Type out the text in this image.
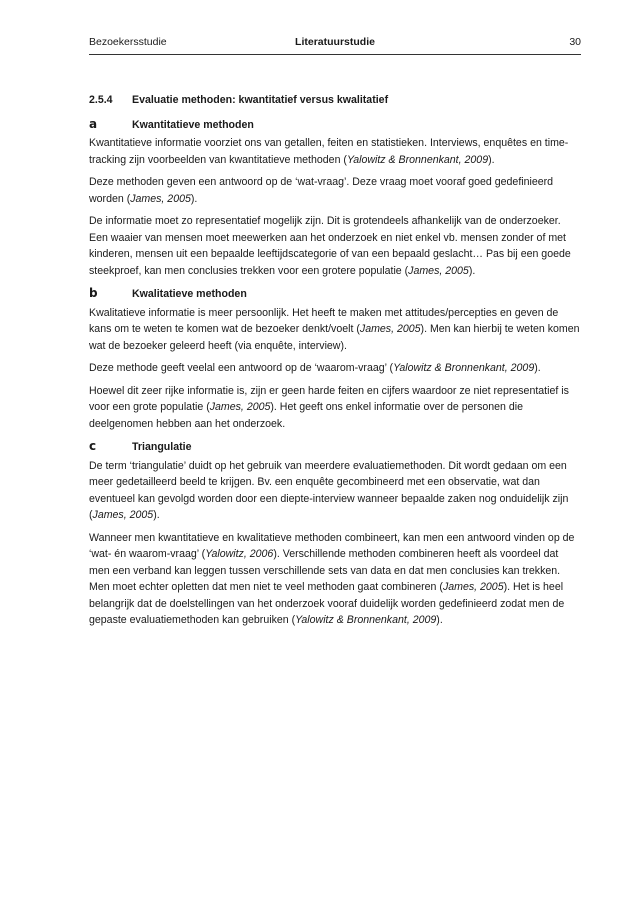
Bezoekersstudie	Literatuurstudie	30
2.5.4 Evaluatie methoden: kwantitatief versus kwalitatief
a	Kwantitatieve methoden

Kwantitatieve informatie voorziet ons van getallen, feiten en statistieken. Interviews, enquêtes en time-tracking zijn voorbeelden van kwantitatieve methoden (Yalowitz & Bronnenkant, 2009).

Deze methoden geven een antwoord op de ‘wat-vraag’. Deze vraag moet vooraf goed gedefinieerd worden (James, 2005).

De informatie moet zo representatief mogelijk zijn. Dit is grotendeels afhankelijk van de onderzoeker. Een waaier van mensen moet meewerken aan het onderzoek en niet enkel vb. mensen zonder of met kinderen, mensen uit een bepaalde leeftijdscategorie of van een bepaald geslacht… Pas bij een goede steekproef, kan men conclusies trekken voor een grotere populatie (James, 2005).

b	Kwalitatieve methoden

Kwalitatieve informatie is meer persoonlijk. Het heeft te maken met attitudes/percepties en geven de kans om te weten te komen wat de bezoeker denkt/voelt (James, 2005). Men kan hierbij te weten komen wat de bezoeker geleerd heeft (via enquête, interview).

Deze methode geeft veelal een antwoord op de ‘waarom-vraag’ (Yalowitz & Bronnenkant, 2009).

Hoewel dit zeer rijke informatie is, zijn er geen harde feiten en cijfers waardoor ze niet representatief is voor een grote populatie (James, 2005). Het geeft ons enkel informatie over de personen die deelgenomen hebben aan het onderzoek.

c	Triangulatie

De term ‘triangulatie’ duidt op het gebruik van meerdere evaluatiemethoden. Dit wordt gedaan om een meer gedetailleerd beeld te krijgen. Bv. een enquête gecombineerd met een observatie, wat dan eventueel kan gevolgd worden door een diepte-interview wanneer bepaalde zaken nog onduidelijk zijn (James, 2005).

Wanneer men kwantitatieve en kwalitatieve methoden combineert, kan men een antwoord vinden op de ‘wat- én waarom-vraag’ (Yalowitz, 2006). Verschillende methoden combineren heeft als voordeel dat men een verband kan leggen tussen verschillende sets van data en dat men conclusies kan trekken. Men moet echter opletten dat men niet te veel methoden gaat combineren (James, 2005). Het is heel belangrijk dat de doelstellingen van het onderzoek vooraf duidelijk worden gedefinieerd zodat men de gepaste evaluatiemethoden kan gebruiken (Yalowitz & Bronnenkant, 2009).
